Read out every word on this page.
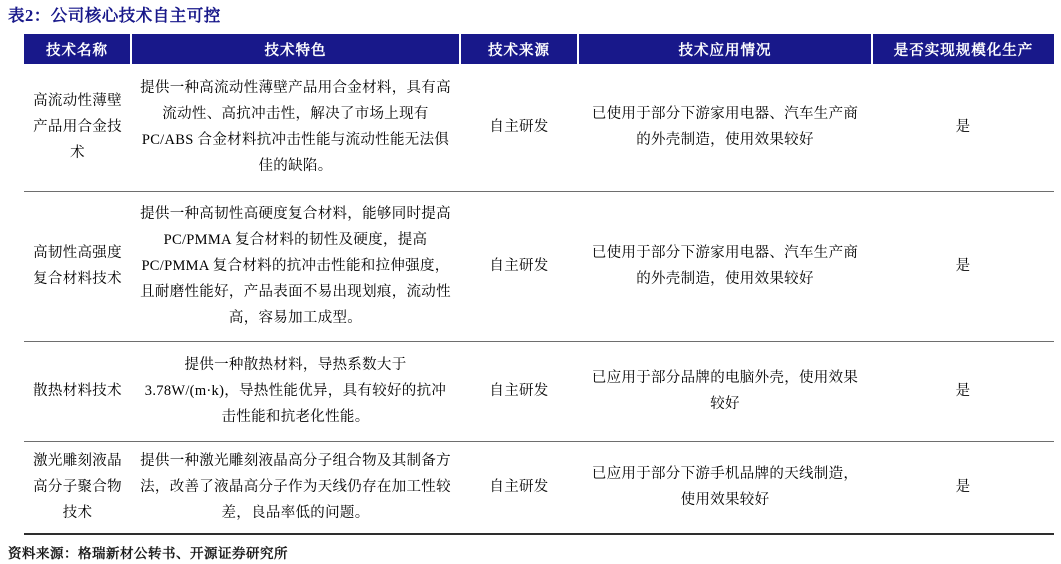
表2：公司核心技术自主可控
技术名称	技术特色	技术来源	技术应用情况	是否实现规模化生产
高流动性薄壁产品用合金技术	提供一种高流动性薄壁产品用合金材料，具有高流动性、高抗冲击性，解决了市场上现有 PC/ABS 合金材料抗冲击性能与流动性能无法俱佳的缺陷。	自主研发	已使用于部分下游家用电器、汽车生产商的外壳制造，使用效果较好	是
高韧性高强度复合材料技术	提供一种高韧性高硬度复合材料，能够同时提高 PC/PMMA 复合材料的韧性及硬度，提高 PC/PMMA 复合材料的抗冲击性能和拉伸强度，且耐磨性能好，产品表面不易出现划痕，流动性高，容易加工成型。	自主研发	已使用于部分下游家用电器、汽车生产商的外壳制造，使用效果较好	是
散热材料技术	提供一种散热材料，导热系数大于 3.78W/(m·k)，导热性能优异，具有较好的抗冲击性能和抗老化性能。	自主研发	已应用于部分品牌的电脑外壳，使用效果较好	是
激光雕刻液晶高分子聚合物技术	提供一种激光雕刻液晶高分子组合物及其制备方法，改善了液晶高分子作为天线仍存在加工性较差，良品率低的问题。	自主研发	已应用于部分下游手机品牌的天线制造，使用效果较好	是
资料来源：格瑞新材公转书、开源证券研究所
